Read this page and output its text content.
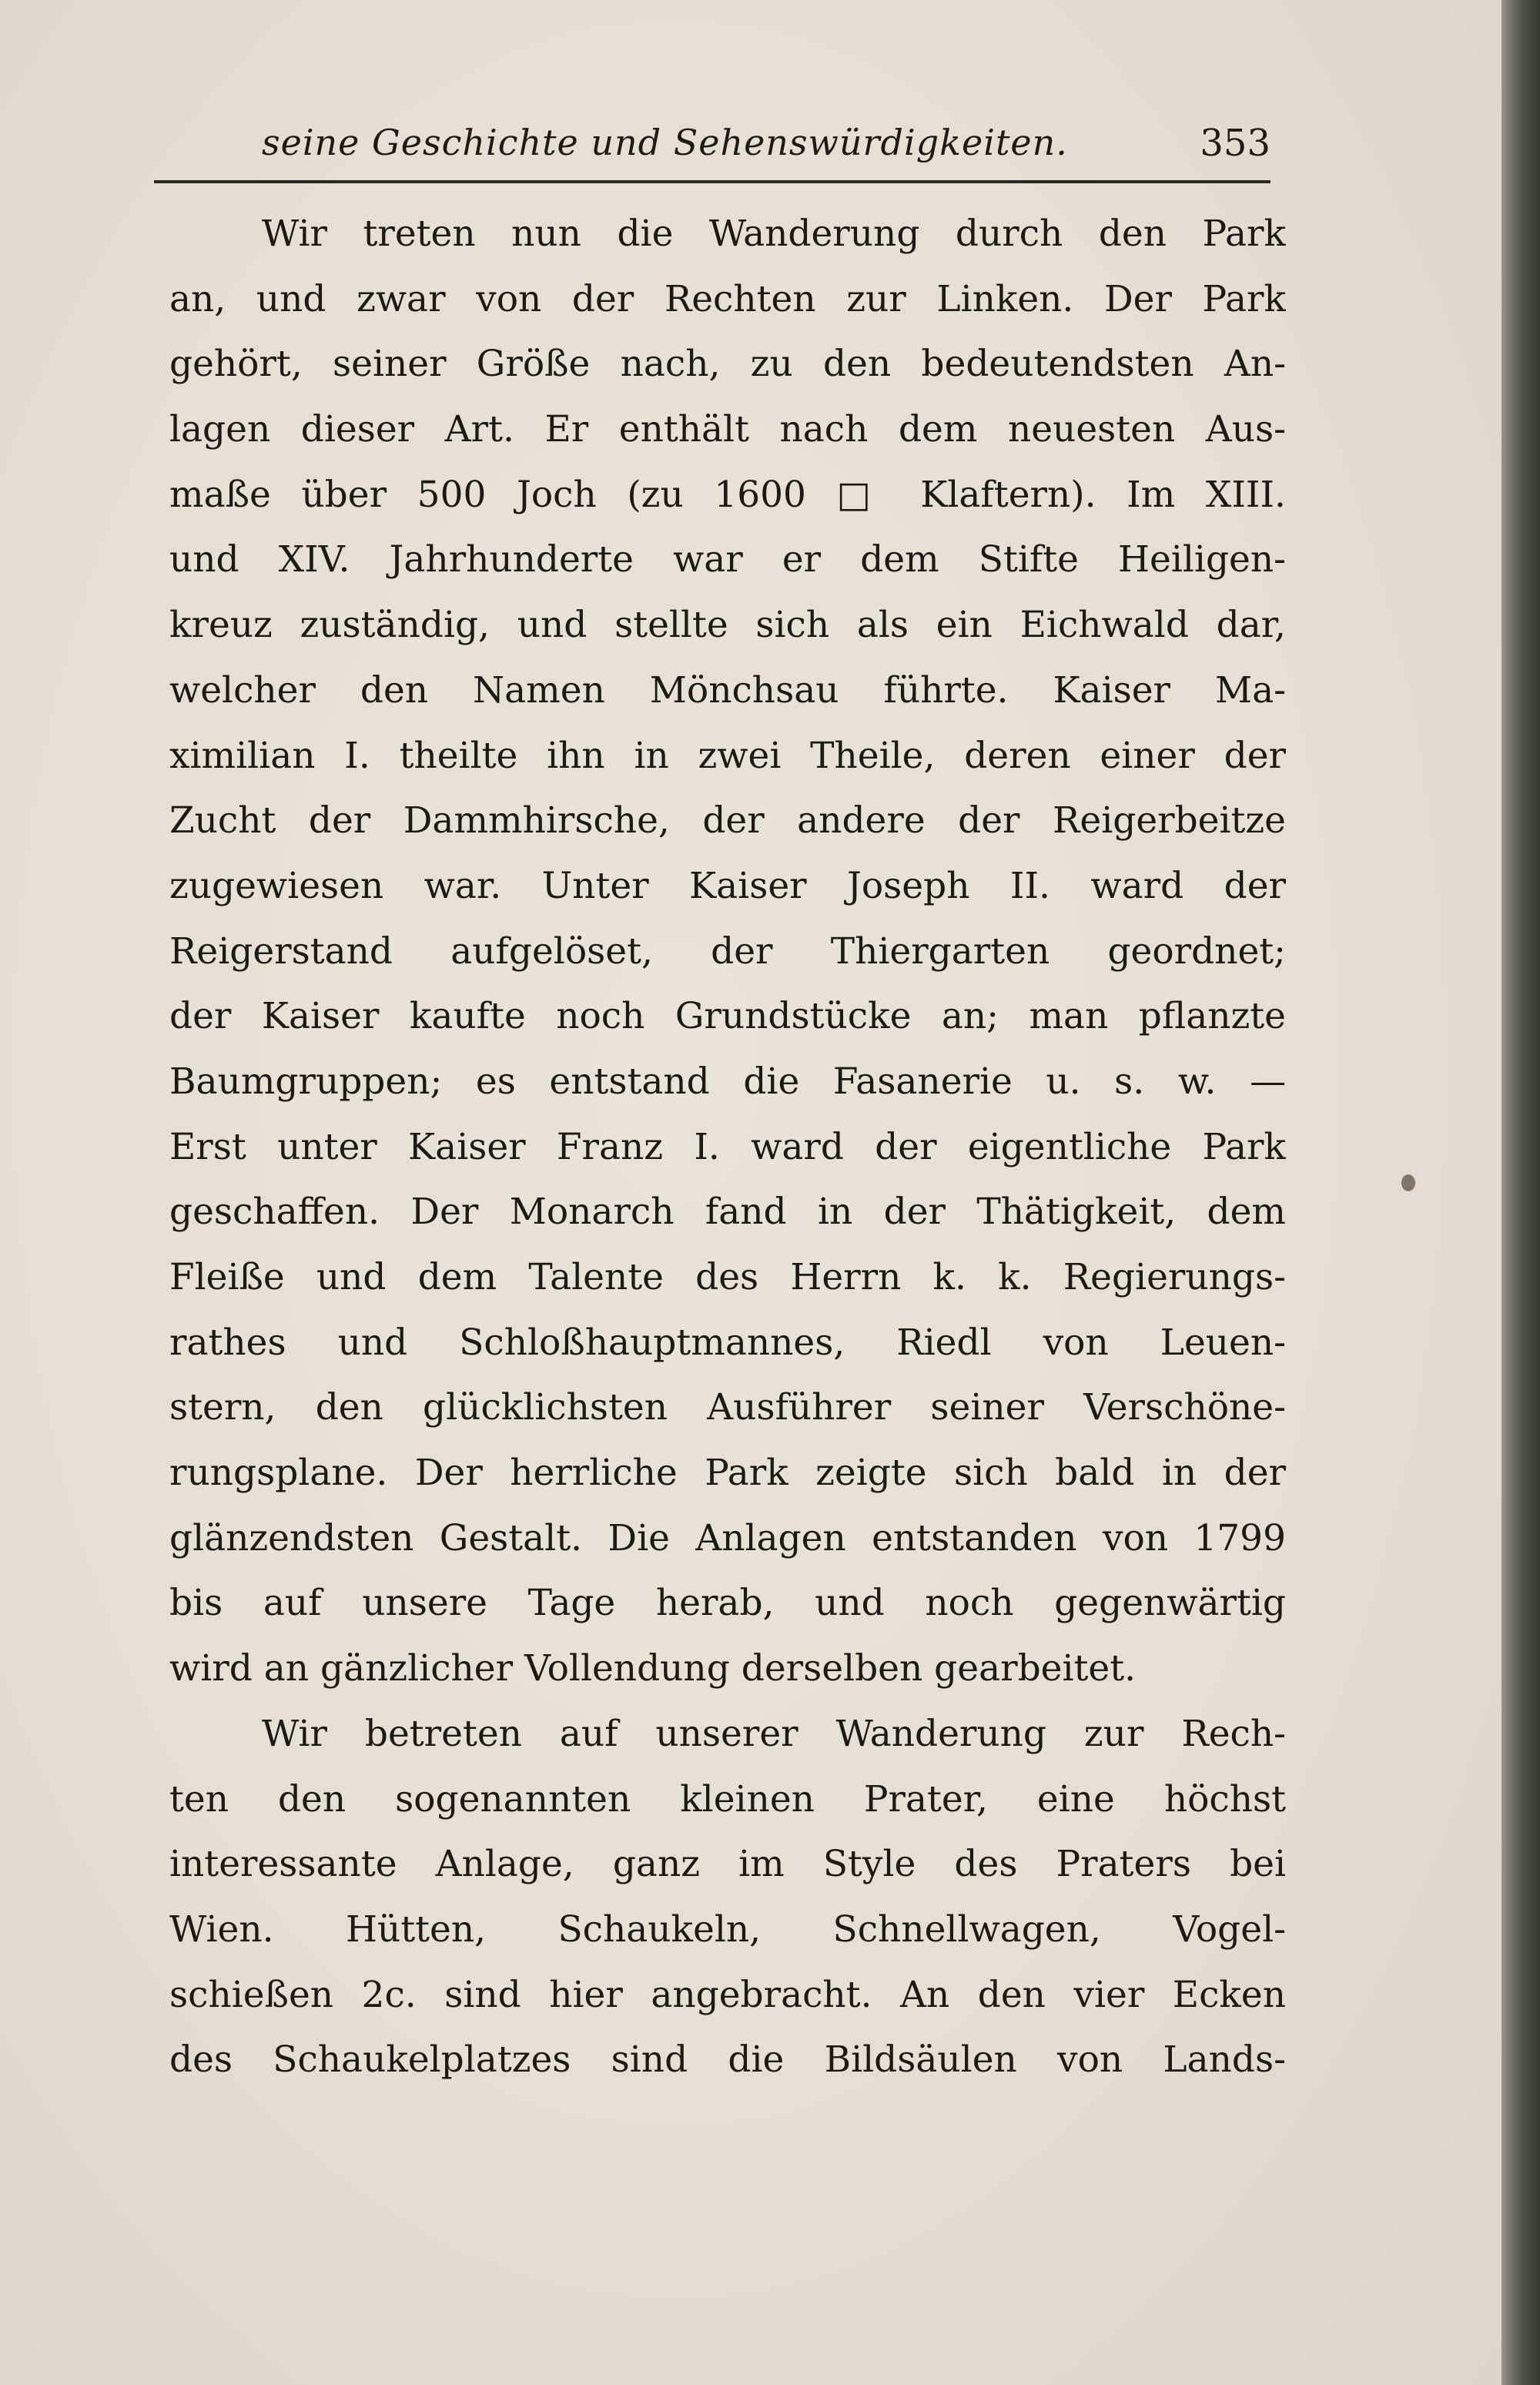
seine Geschichte und Sehenswürdigkeiten.	353
Wir treten nun die Wanderung durch den Park
an, und zwar von der Rechten zur Linken. Der Park
gehört, seiner Größe nach, zu den bedeutendsten An-
lagen dieser Art. Er enthält nach dem neuesten Aus-
maße über 500 Joch (zu 1600 □ Klaftern). Im XIII.
und XIV. Jahrhunderte war er dem Stifte Heiligen-
kreuz zuständig, und stellte sich als ein Eichwald dar,
welcher den Namen Mönchsau führte. Kaiser Ma-
ximilian I. theilte ihn in zwei Theile, deren einer der
Zucht der Dammhirsche, der andere der Reigerbeitze
zugewiesen war. Unter Kaiser Joseph II. ward der
Reigerstand aufgelöset, der Thiergarten geordnet;
der Kaiser kaufte noch Grundstücke an; man pflanzte
Baumgruppen; es entstand die Fasanerie u. s. w. —
Erst unter Kaiser Franz I. ward der eigentliche Park
geschaffen. Der Monarch fand in der Thätigkeit, dem
Fleiße und dem Talente des Herrn k. k. Regierungs-
rathes und Schloßhauptmannes, Riedl von Leuen-
stern, den glücklichsten Ausführer seiner Verschöne-
rungsplane. Der herrliche Park zeigte sich bald in der
glänzendsten Gestalt. Die Anlagen entstanden von 1799
bis auf unsere Tage herab, und noch gegenwärtig
wird an gänzlicher Vollendung derselben gearbeitet.
Wir betreten auf unserer Wanderung zur Rech-
ten den sogenannten kleinen Prater, eine höchst
interessante Anlage, ganz im Style des Praters bei
Wien. Hütten, Schaukeln, Schnellwagen, Vogel-
schießen 2c. sind hier angebracht. An den vier Ecken
des Schaukelplatzes sind die Bildsäulen von Lands-
